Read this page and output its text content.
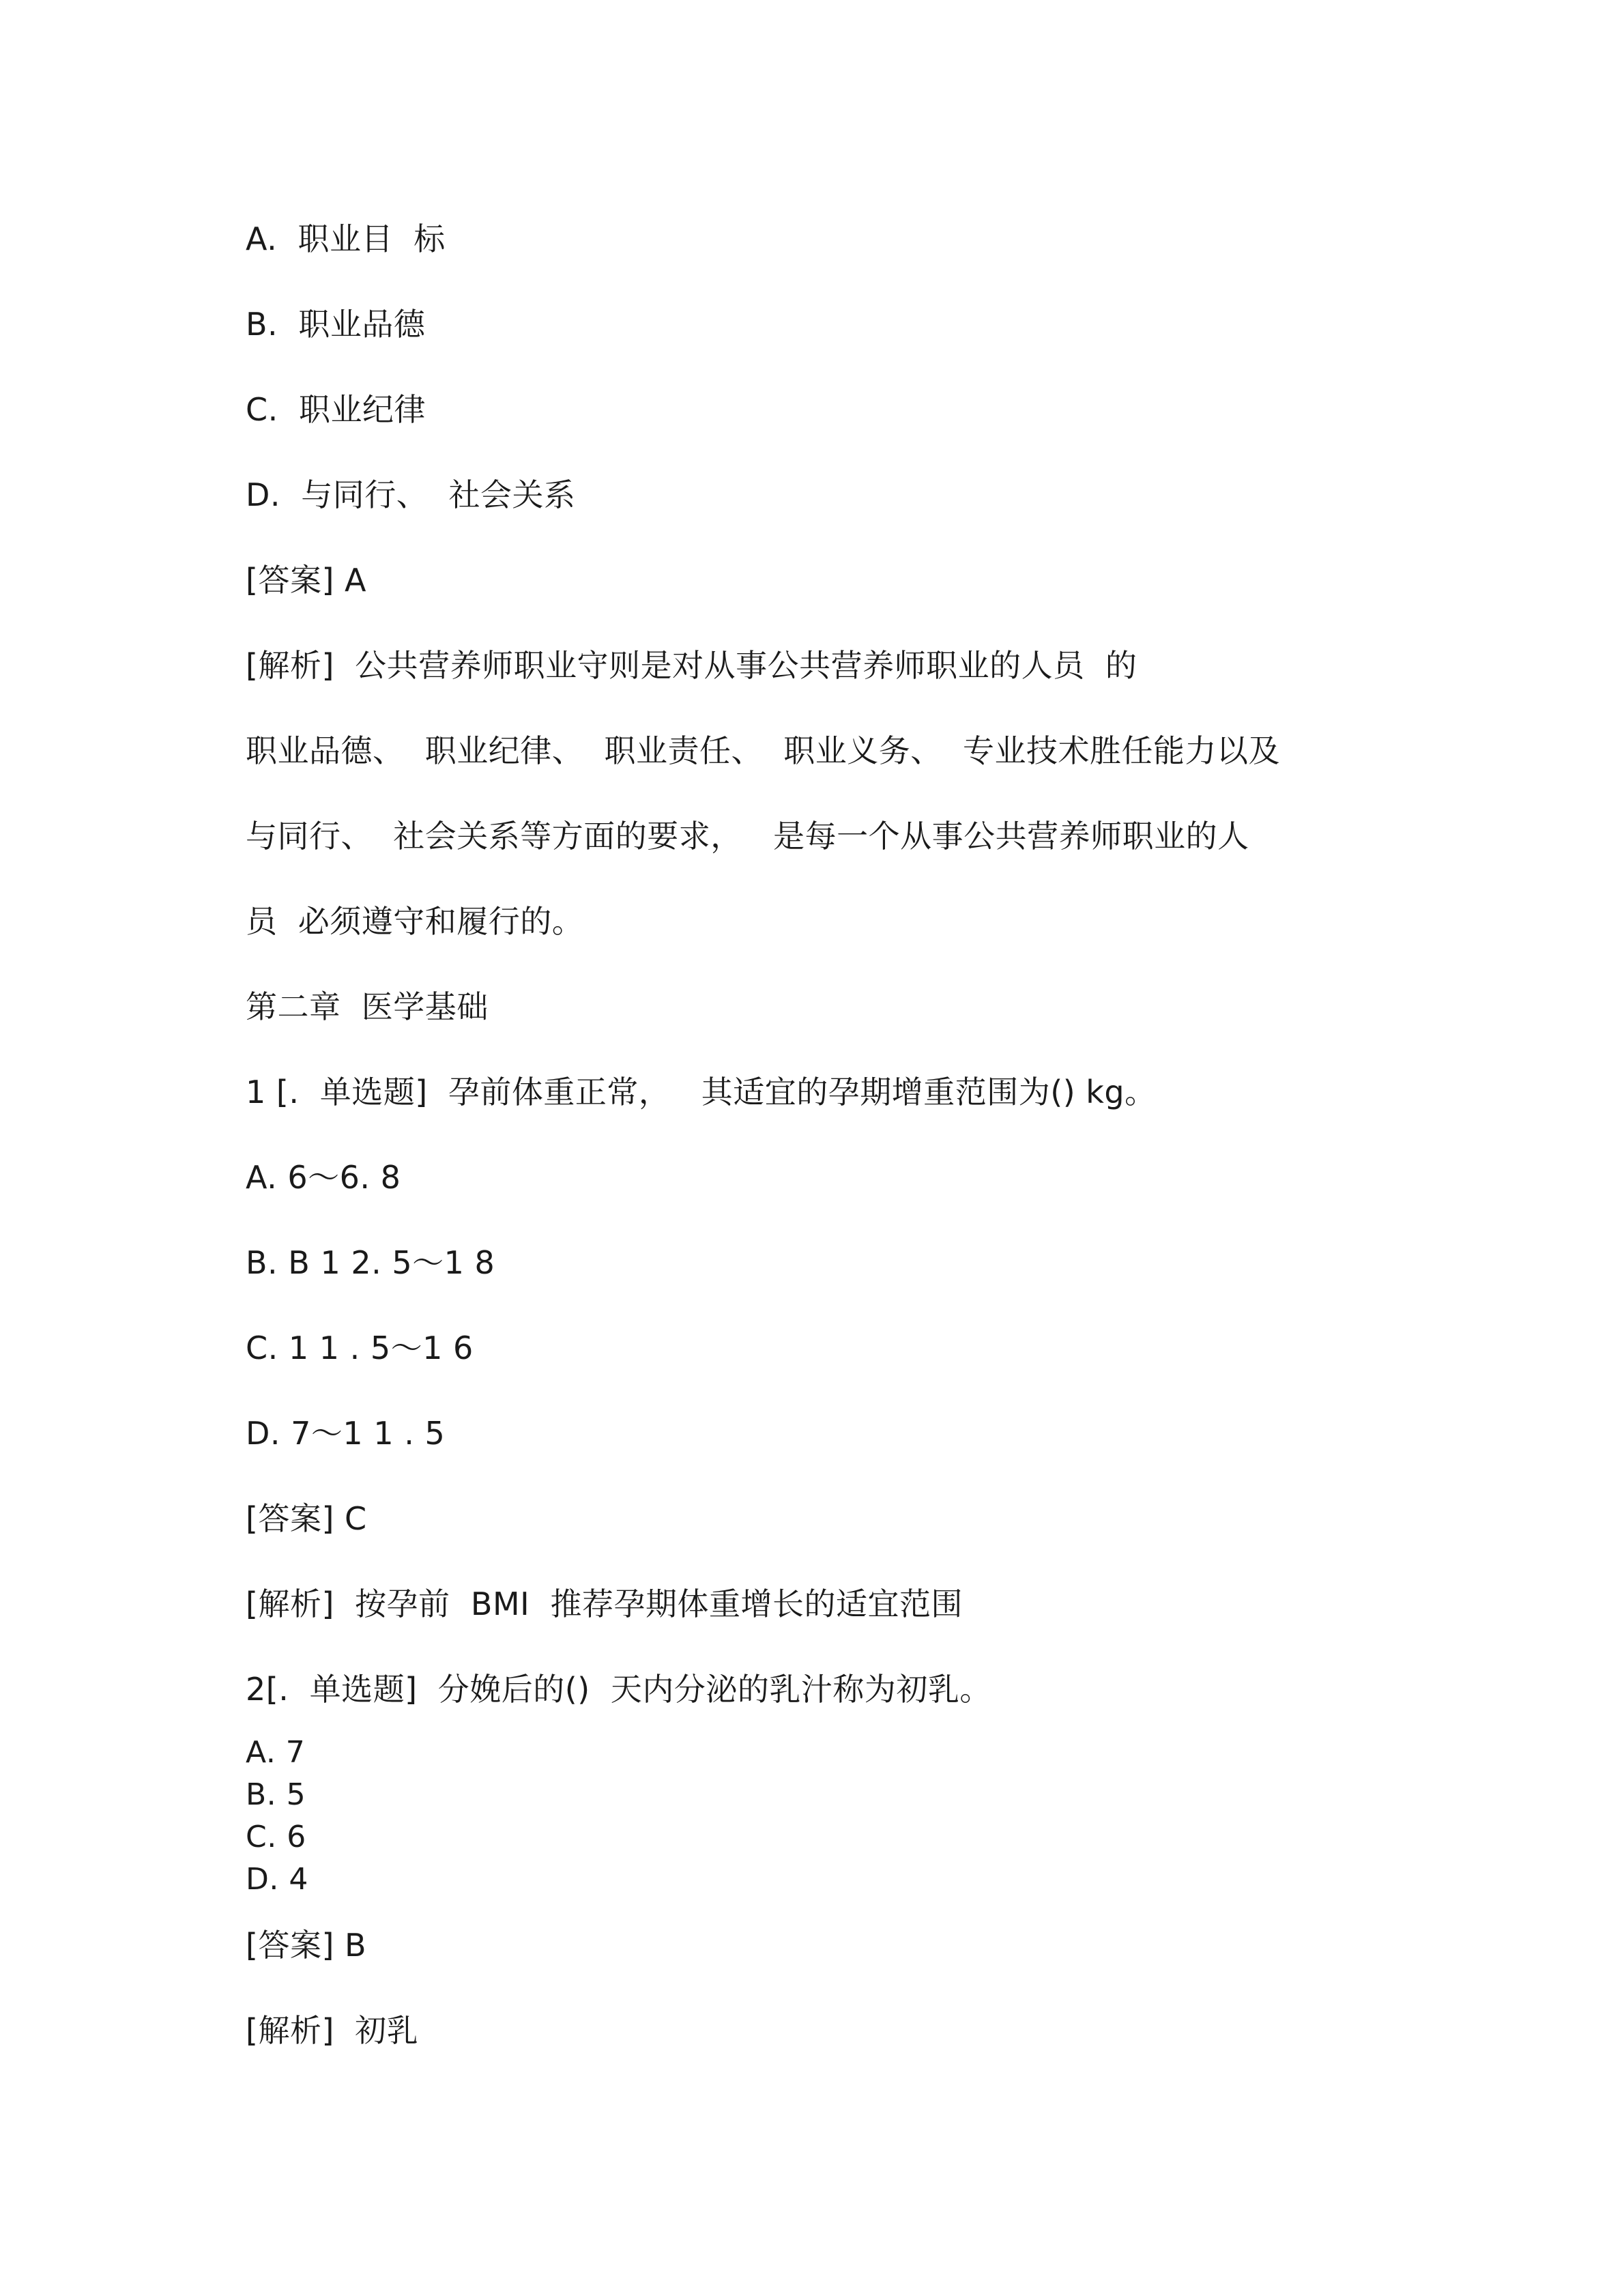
A.  职业目  标
B.  职业品德
C.  职业纪律
D.  与同行、  社会关系
[答案] A
[解析]  公共营养师职业守则是对从事公共营养师职业的人员  的
职业品德、  职业纪律、  职业责任、  职业义务、  专业技术胜任能力以及
与同行、  社会关系等方面的要求，   是每一个从事公共营养师职业的人
员  必须遵守和履行的。
第二章  医学基础
1 [.  单选题]  孕前体重正常，   其适宜的孕期增重范围为() kg。
A. 6～6. 8
B. B 1 2. 5～1 8
C. 1 1 . 5～1 6
D. 7～1 1 . 5
[答案] C
[解析]  按孕前  BMI  推荐孕期体重增长的适宜范围
2[.  单选题]  分娩后的()  天内分泌的乳汁称为初乳。
A. 7
B. 5
C. 6
D. 4
[答案] B
[解析]  初乳
